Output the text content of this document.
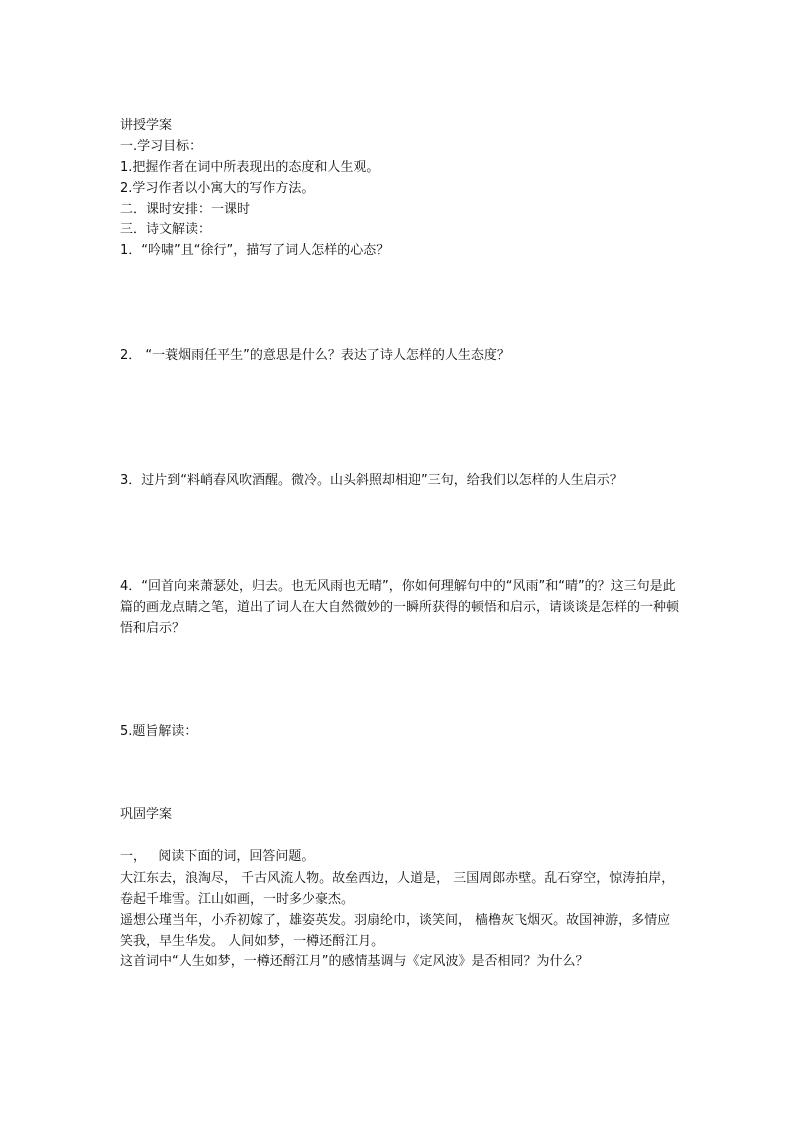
讲授学案
一.学习目标：
1.把握作者在词中所表现出的态度和人生观。
2.学习作者以小寓大的写作方法。
二．课时安排：一课时
三．诗文解读：
1．“吟啸”且“徐行”，描写了词人怎样的心态？
2． “一蓑烟雨任平生”的意思是什么？表达了诗人怎样的人生态度？
3．过片到“料峭春风吹酒醒。微冷。山头斜照却相迎”三句，给我们以怎样的人生启示？
4．“回首向来萧瑟处，归去。也无风雨也无晴”，你如何理解句中的“风雨”和“晴”的？这三句是此篇的画龙点睛之笔，道出了词人在大自然微妙的一瞬所获得的顿悟和启示，请谈谈是怎样的一种顿悟和启示？
5.题旨解读：
巩固学案
一，   阅读下面的词，回答问题。
大江东去，浪淘尽， 千古风流人物。故垒西边，人道是， 三国周郎赤壁。乱石穿空，惊涛拍岸，卷起千堆雪。江山如画，一时多少豪杰。
遥想公瑾当年，小乔初嫁了，雄姿英发。羽扇纶巾，谈笑间， 樯橹灰飞烟灭。故国神游，多情应笑我，早生华发。 人间如梦，一樽还酹江月。
这首词中“人生如梦，一樽还酹江月”的感情基调与《定风波》是否相同？为什么？
